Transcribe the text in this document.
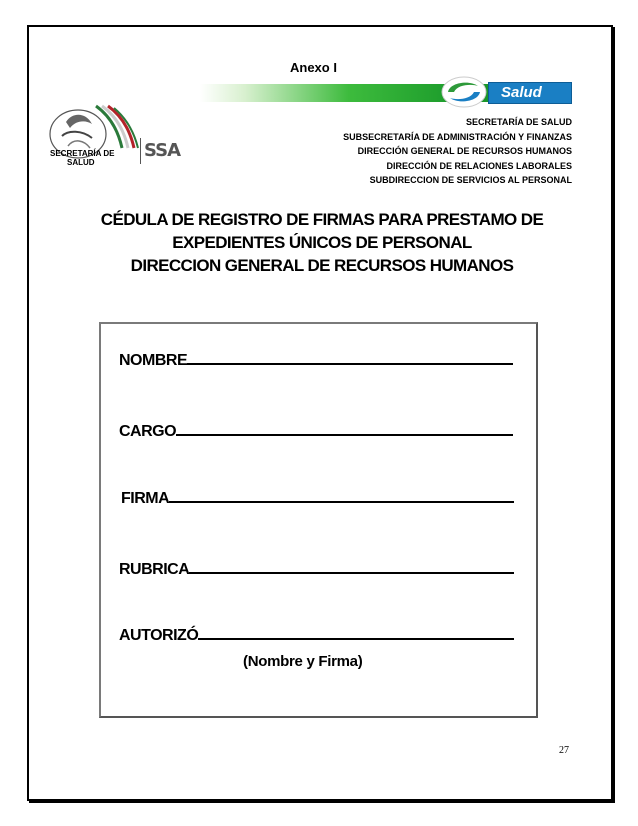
Anexo I
Salud
SECRETARÍA DE
SALUD
SSA
SECRETARÍA DE SALUD
SUBSECRETARÍA DE ADMINISTRACIÓN Y FINANZAS
DIRECCIÓN GENERAL DE RECURSOS HUMANOS
DIRECCIÓN DE RELACIONES LABORALES
SUBDIRECCION DE SERVICIOS AL PERSONAL
CÉDULA DE REGISTRO DE FIRMAS PARA PRESTAMO DE
EXPEDIENTES ÚNICOS DE PERSONAL
DIRECCION GENERAL DE RECURSOS HUMANOS
NOMBRE
CARGO
FIRMA
RUBRICA
AUTORIZÓ
(Nombre y Firma)
27
